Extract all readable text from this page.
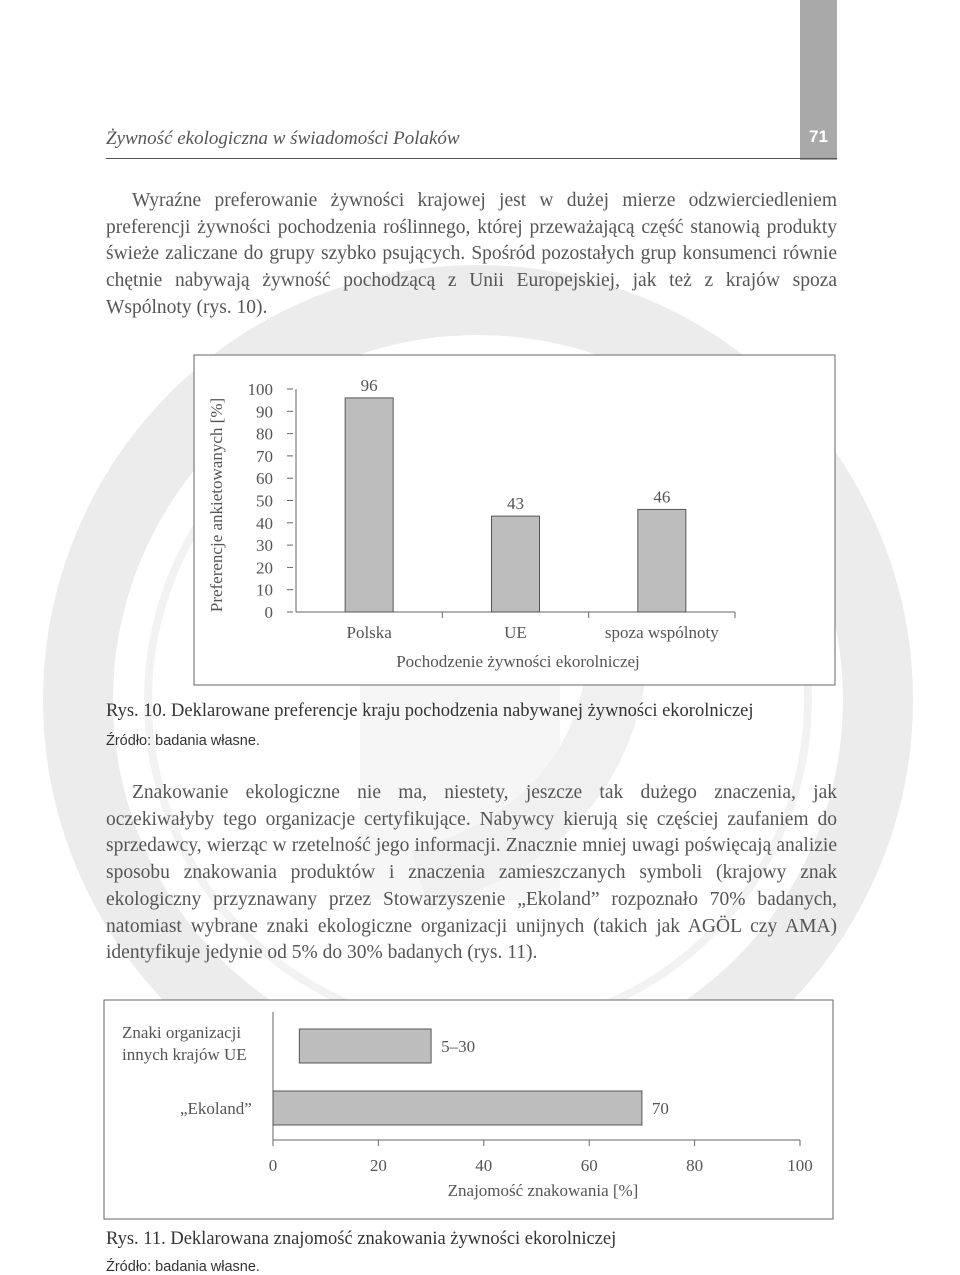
71
Żywność ekologiczna w świadomości Polaków

Wyraźne preferowanie żywności krajowej jest w dużej mierze odzwierciedleniem preferencji żywności pochodzenia roślinnego, której przeważającą część stanowią produkty świeże zaliczane do grupy szybko psujących. Spośród pozostałych grup konsumenci równie chętnie nabywają żywność pochodzącą z Unii Europejskiej, jak też z krajów spoza Wspólnoty (rys. 10).

0
10
20
30
40
50
60
70
80
90
100	96
Polska
43
UE
46
spoza wspólnoty
Preferencje ankietowanych [%]
Pochodzenie żywności ekorolniczej
Rys. 10. Deklarowane preferencje kraju pochodzenia nabywanej żywności ekorolniczej
Źródło: badania własne.

Znakowanie ekologiczne nie ma, niestety, jeszcze tak dużego znaczenia, jak oczekiwałyby tego organizacje certyfikujące. Nabywcy kierują się częściej zaufaniem do sprzedawcy, wierząc w rzetelność jego informacji. Znacznie mniej uwagi poświęcają analizie sposobu znakowania produktów i znaczenia zamieszczanych symboli (krajowy znak ekologiczny przyznawany przez Stowarzyszenie „Ekoland” rozpoznało 70% badanych, natomiast wybrane znaki ekologiczne organizacji unijnych (takich jak AGÖL czy AMA) identyfikuje jedynie od 5% do 30% badanych (rys. 11).

0	20	40	60	80	100
5–30
Znaki organizacji innych krajów UE
70
„Ekoland”
Znajomość znakowania [%]
Rys. 11. Deklarowana znajomość znakowania żywności ekorolniczej
Źródło: badania własne.
